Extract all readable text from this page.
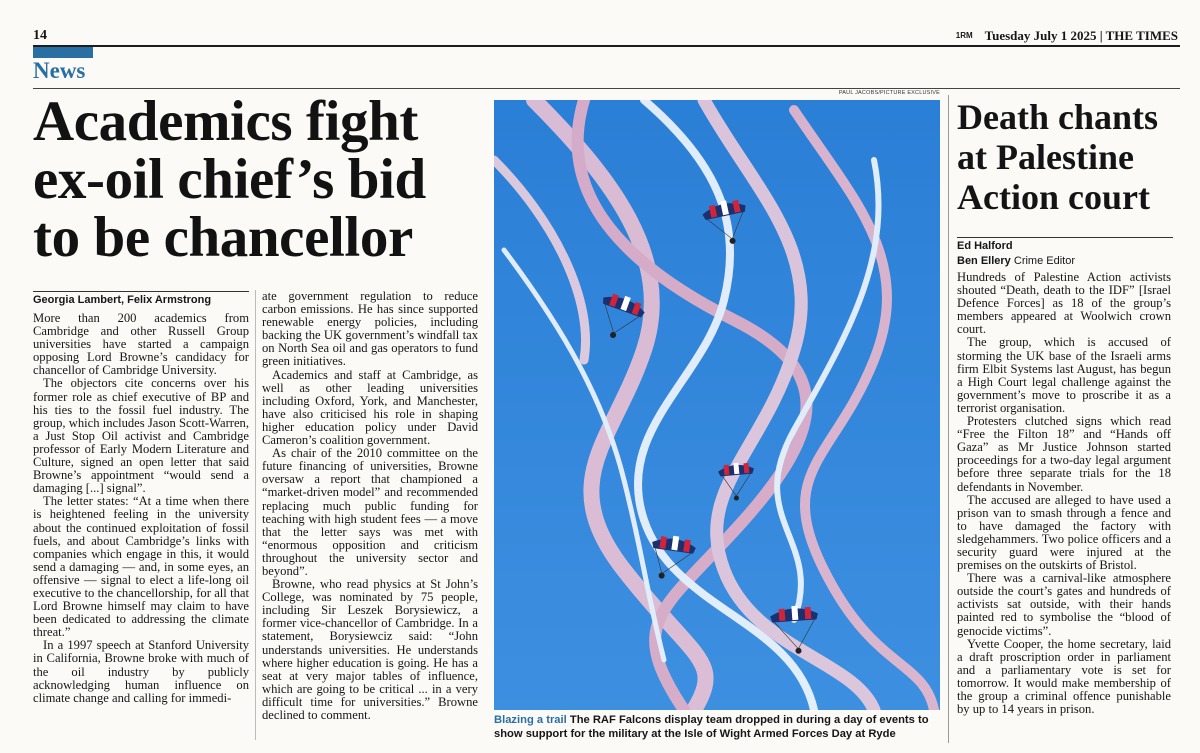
14	1RM Tuesday July 1 2025 | THE TIMES
News
Academics fight ex-oil chief’s bid to be chancellor
Georgia Lambert, Felix Armstrong

More than 200 academics from Cambridge and other Russell Group universities have started a campaign opposing Lord Browne’s candidacy for chancellor of Cambridge University.

The objectors cite concerns over his former role as chief executive of BP and his ties to the fossil fuel industry. The group, which includes Jason Scott-Warren, a Just Stop Oil activist and Cambridge professor of Early Modern Literature and Culture, signed an open letter that said Browne’s appointment “would send a damaging [...] signal”.

The letter states: “At a time when there is heightened feeling in the university about the continued exploitation of fossil fuels, and about Cambridge’s links with companies which engage in this, it would send a damaging — and, in some eyes, an offensive — signal to elect a life-long oil executive to the chancellorship, for all that Lord Browne himself may claim to have been dedicated to addressing the climate threat.”

In a 1997 speech at Stanford University in California, Browne broke with much of the oil industry by publicly acknowledging human influence on climate change and calling for immedi-

ate government regulation to reduce carbon emissions. He has since supported renewable energy policies, including backing the UK government’s windfall tax on North Sea oil and gas operators to fund green initiatives.

Academics and staff at Cambridge, as well as other leading universities including Oxford, York, and Manchester, have also criticised his role in shaping higher education policy under David Cameron’s coalition government.

As chair of the 2010 committee on the future financing of universities, Browne oversaw a report that championed a “market-driven model” and recommended replacing much public funding for teaching with high student fees — a move that the letter says was met with “enormous opposition and criticism throughout the university sector and beyond”.

Browne, who read physics at St John’s College, was nominated by 75 people, including Sir Leszek Borysiewicz, a former vice-chancellor of Cambridge. In a statement, Borysiewciz said: “John understands universities. He understands where higher education is going. He has a seat at very major tables of influence, which are going to be critical ... in a very difficult time for universities.” Browne declined to comment.

PAUL JACOBS/PICTURE EXCLUSIVE
Blazing a trail The RAF Falcons display team dropped in during a day of events to show support for the military at the Isle of Wight Armed Forces Day at Ryde
Death chants at Palestine Action court
Ed Halford
Ben Ellery Crime Editor

Hundreds of Palestine Action activists shouted “Death, death to the IDF” [Israel Defence Forces] as 18 of the group’s members appeared at Woolwich crown court.

The group, which is accused of storming the UK base of the Israeli arms firm Elbit Systems last August, has begun a High Court legal challenge against the government’s move to proscribe it as a terrorist organisation.

Protesters clutched signs which read “Free the Filton 18” and “Hands off Gaza” as Mr Justice Johnson started proceedings for a two-day legal argument before three separate trials for the 18 defendants in November.

The accused are alleged to have used a prison van to smash through a fence and to have damaged the factory with sledgehammers. Two police officers and a security guard were injured at the premises on the outskirts of Bristol.

There was a carnival-like atmosphere outside the court’s gates and hundreds of activists sat outside, with their hands painted red to symbolise the “blood of genocide victims”.

Yvette Cooper, the home secretary, laid a draft proscription order in parliament and a parliamentary vote is set for tomorrow. It would make membership of the group a criminal offence punishable by up to 14 years in prison.
